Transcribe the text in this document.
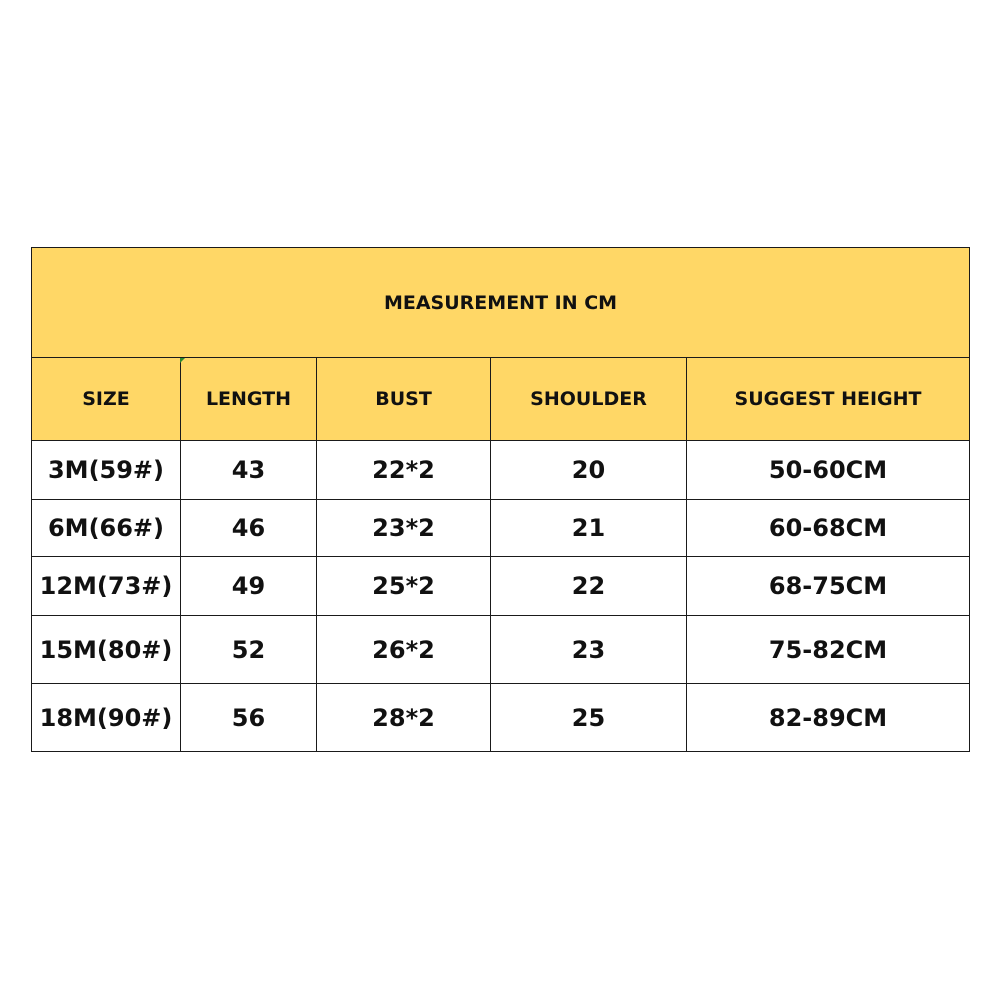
MEASUREMENT IN CM				
SIZE	LENGTH	BUST	SHOULDER	SUGGEST HEIGHT
3M(59#)	43	22*2	20	50-60CM
6M(66#)	46	23*2	21	60-68CM
12M(73#)	49	25*2	22	68-75CM
15M(80#)	52	26*2	23	75-82CM
18M(90#)	56	28*2	25	82-89CM
